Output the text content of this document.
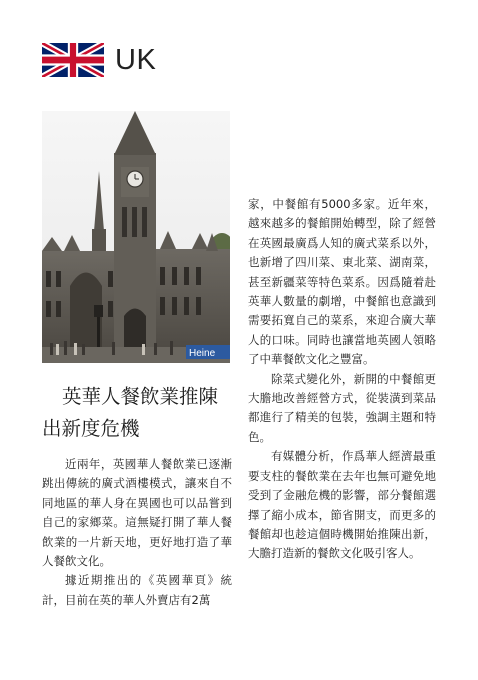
UK
Heine
英華人餐飲業推陳
出新度危機

近兩年，英國華人餐飲業已逐漸跳出傳統的廣式酒樓模式，讓來自不同地區的華人身在異國也可以品嘗到自己的家鄉菜。這無疑打開了華人餐飲業的一片新天地，更好地打造了華人餐飲文化。

據近期推出的《英國華頁》統計，目前在英的華人外賣店有2萬

家，中餐館有5000多家。近年來，越來越多的餐館開始轉型，除了經營在英國最廣爲人知的廣式菜系以外，也新增了四川菜、東北菜、湖南菜，甚至新疆菜等特色菜系。因爲隨着赴英華人數量的劇增，中餐館也意識到需要拓寬自己的菜系，來迎合廣大華人的口味。同時也讓當地英國人領略了中華餐飲文化之豐富。

除菜式變化外，新開的中餐館更大膽地改善經營方式，從裝潢到菜品都進行了精美的包裝，強調主題和特色。

有媒體分析，作爲華人經濟最重要支柱的餐飲業在去年也無可避免地受到了金融危機的影響，部分餐館選擇了縮小成本，節省開支，而更多的餐館却也趁這個時機開始推陳出新，大膽打造新的餐飲文化吸引客人。
